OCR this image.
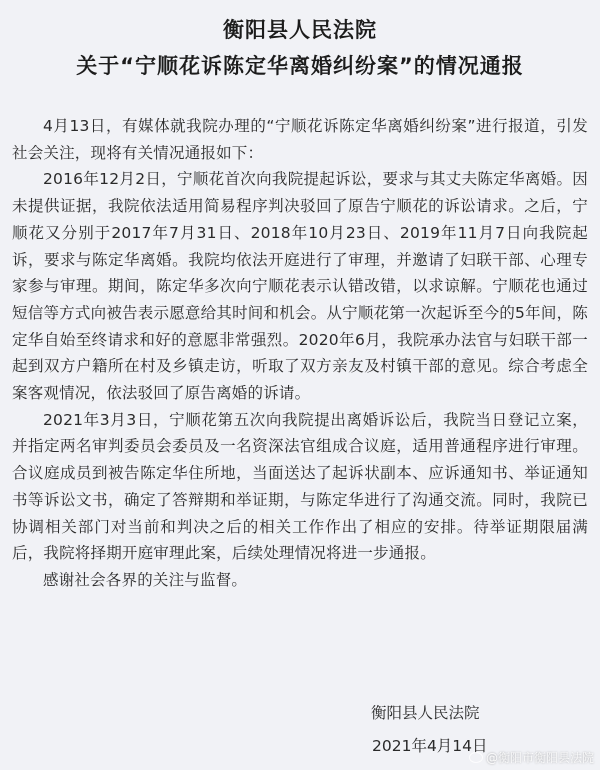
衡阳县人民法院
关于“宁顺花诉陈定华离婚纠纷案”的情况通报

4月13日，有媒体就我院办理的“宁顺花诉陈定华离婚纠纷案”进行报道，引发社会关注，现将有关情况通报如下：

2016年12月2日，宁顺花首次向我院提起诉讼，要求与其丈夫陈定华离婚。因未提供证据，我院依法适用简易程序判决驳回了原告宁顺花的诉讼请求。之后，宁顺花又分别于2017年7月31日、2018年10月23日、2019年11月7日向我院起诉，要求与陈定华离婚。我院均依法开庭进行了审理，并邀请了妇联干部、心理专家参与审理。期间，陈定华多次向宁顺花表示认错改错，以求谅解。宁顺花也通过短信等方式向被告表示愿意给其时间和机会。从宁顺花第一次起诉至今的5年间，陈定华自始至终请求和好的意愿非常强烈。2020年6月，我院承办法官与妇联干部一起到双方户籍所在村及乡镇走访，听取了双方亲友及村镇干部的意见。综合考虑全案客观情况，依法驳回了原告离婚的诉请。

2021年3月3日，宁顺花第五次向我院提出离婚诉讼后，我院当日登记立案，并指定两名审判委员会委员及一名资深法官组成合议庭，适用普通程序进行审理。合议庭成员到被告陈定华住所地，当面送达了起诉状副本、应诉通知书、举证通知书等诉讼文书，确定了答辩期和举证期，与陈定华进行了沟通交流。同时，我院已协调相关部门对当前和判决之后的相关工作作出了相应的安排。待举证期限届满后，我院将择期开庭审理此案，后续处理情况将进一步通报。

感谢社会各界的关注与监督。

衡阳县人民法院
2021年4月14日
@衡阳市衡阳县法院
